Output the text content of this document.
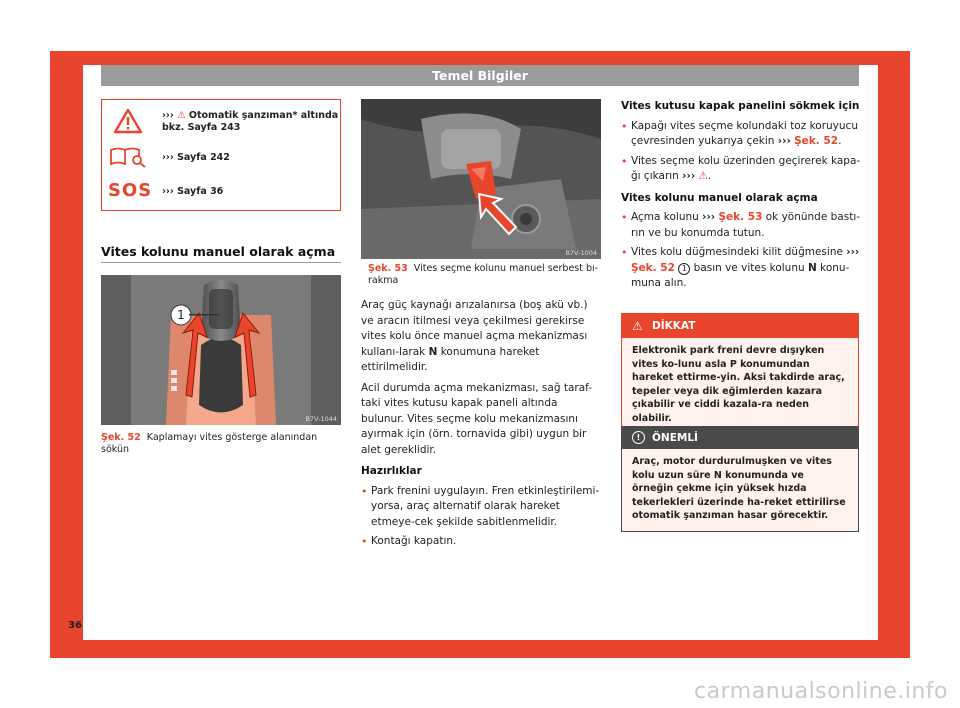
Temel Bilgiler
››› ⚠ Otomatik şanzıman* altında
bkz. Sayfa 243
››› Sayfa 242
SOS ››› Sayfa 36
Vites kolunu manuel olarak açma
1
B7V-1044
Şek. 52 Kaplamayı vites gösterge alanından sökün
B7V-1004
Şek. 53 Vites seçme kolunu manuel serbest bı-rakma

Araç güç kaynağı arızalanırsa (boş akü vb.) ve aracın itilmesi veya çekilmesi gerekirse vites kolu önce manuel açma mekanizması kullanı-larak N konumuna hareket ettirilmelidir.

Acil durumda açma mekanizması, sağ taraf-taki vites kutusu kapak paneli altında bulunur. Vites seçme kolu mekanizmasını ayırmak için (örn. tornavida gibi) uygun bir alet gereklidir.

Hazırlıklar
• Park frenini uygulayın. Fren etkinleştirilemi-yorsa, araç alternatif olarak hareket etmeye-cek şekilde sabitlenmelidir.
• Kontağı kapatın.
Vites kutusu kapak panelini sökmek için
• Kapağı vites seçme kolundaki toz koruyucu çevresinden yukarıya çekin ››› Şek. 52.
• Vites seçme kolu üzerinden geçirerek kapa-ğı çıkarın ››› ⚠.
Vites kolunu manuel olarak açma
• Açma kolunu ››› Şek. 53 ok yönünde bastı-rın ve bu konumda tutun.
• Vites kolu düğmesindeki kilit düğmesine ››› Şek. 52 1 basın ve vites kolunu N konu-muna alın.
⚠ DİKKAT
Elektronik park freni devre dışıyken vites ko-lunu asla P konumundan hareket ettirme-yin. Aksi takdirde araç, tepeler veya dik eğimlerden kazara çıkabilir ve ciddi kazala-ra neden olabilir.
!	ÖNEMLİ
Araç, motor durdurulmuşken ve vites kolu uzun süre N konumunda ve örneğin çekme için yüksek hızda tekerlekleri üzerinde ha-reket ettirilirse otomatik şanzıman hasar görecektir.
36
carmanualsonline.info
